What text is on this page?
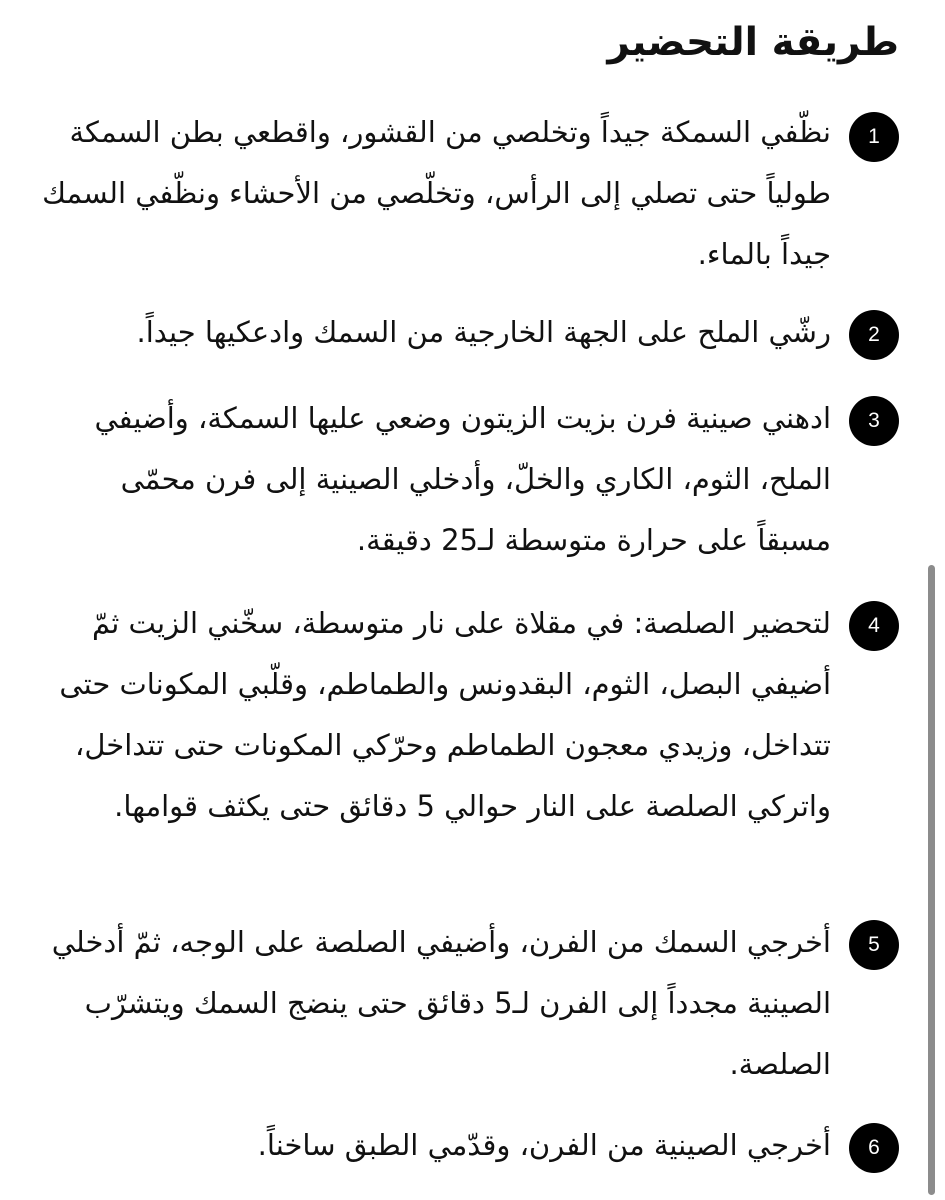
طريقة التحضير
1

نظّفي السمكة جيداً وتخلصي من القشور، واقطعي بطن السمكة طولياً حتى تصلي إلى الرأس، وتخلّصي من الأحشاء ونظّفي السمك جيداً بالماء.

2

رشّي الملح على الجهة الخارجية من السمك وادعكيها جيداً.

3

ادهني صينية فرن بزيت الزيتون وضعي عليها السمكة، وأضيفي الملح، الثوم، الكاري والخلّ، وأدخلي الصينية إلى فرن محمّى مسبقاً على حرارة متوسطة لـ25 دقيقة.

4

لتحضير الصلصة: في مقلاة على نار متوسطة، سخّني الزيت ثمّ أضيفي البصل، الثوم، البقدونس والطماطم، وقلّبي المكونات حتى تتداخل، وزيدي معجون الطماطم وحرّكي المكونات حتى تتداخل، واتركي الصلصة على النار حوالي 5 دقائق حتى يكثف قوامها.

5

أخرجي السمك من الفرن، وأضيفي الصلصة على الوجه، ثمّ أدخلي الصينية مجدداً إلى الفرن لـ5 دقائق حتى ينضج السمك ويتشرّب الصلصة.

6

أخرجي الصينية من الفرن، وقدّمي الطبق ساخناً.
